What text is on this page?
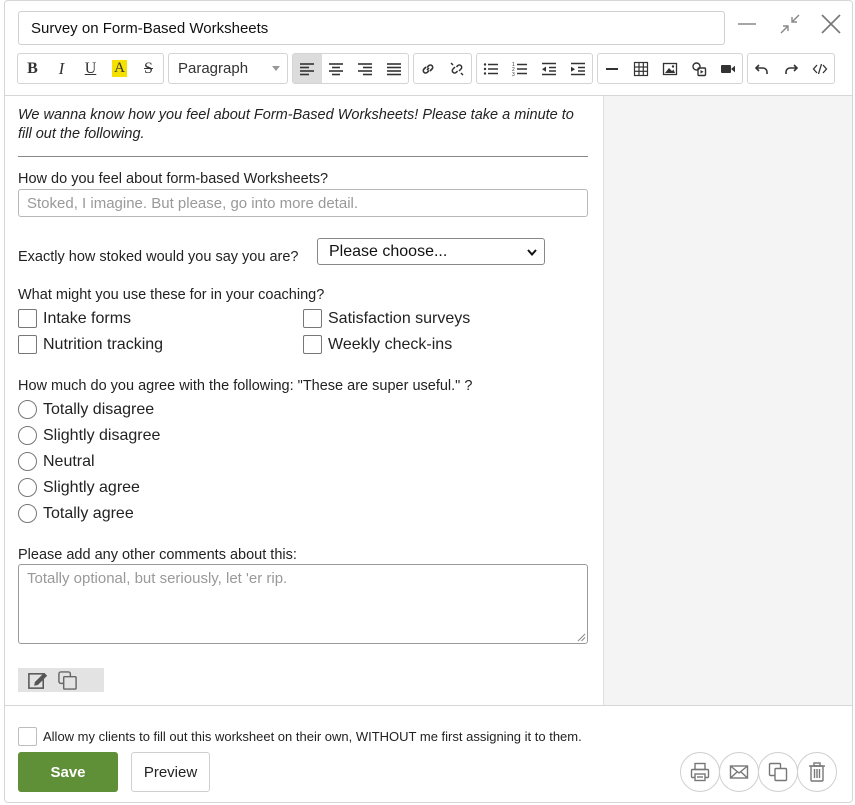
Survey on Form-Based Worksheets
B I U A S Paragraph	1
2
3
We wanna know how you feel about Form-Based Worksheets! Please take a minute to fill out the following.
How do you feel about form-based Worksheets?
Stoked, I imagine. But please, go into more detail.
Exactly how stoked would you say you are? Please choose...
What might you use these for in your coaching?
Intake forms	Satisfaction surveys
Nutrition tracking	Weekly check-ins
How much do you agree with the following: "These are super useful." ?
Totally disagree
Slightly disagree
Neutral
Slightly agree
Totally agree
Please add any other comments about this:
Totally optional, but seriously, let 'er rip.
Allow my clients to fill out this worksheet on their own, WITHOUT me first assigning it to them.
Save	Preview
